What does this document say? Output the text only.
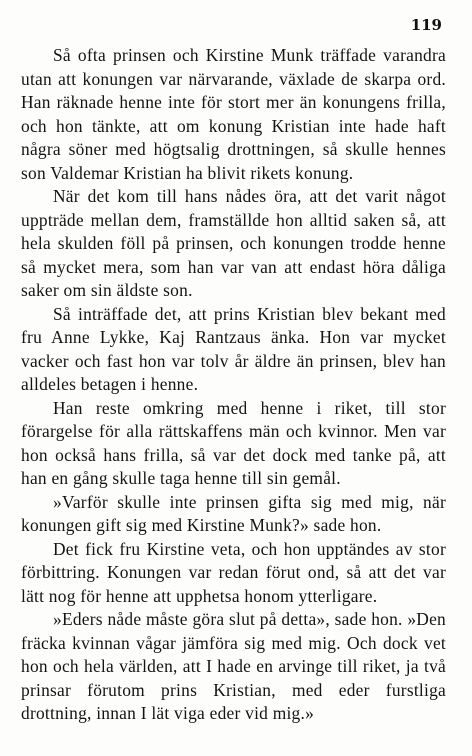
119

Så ofta prinsen och Kirstine Munk träffade varandra utan att konungen var närvarande, växlade de skarpa ord. Han räknade henne inte för stort mer än konungens frilla, och hon tänkte, att om konung Kristian inte hade haft några söner med högtsalig drottningen, så skulle hennes son Valdemar Kristian ha blivit rikets konung.

När det kom till hans nådes öra, att det varit något uppträde mellan dem, framställde hon alltid saken så, att hela skulden föll på prinsen, och konungen trodde henne så mycket mera, som han var van att endast höra dåliga saker om sin äldste son.

Så inträffade det, att prins Kristian blev bekant med fru Anne Lykke, Kaj Rantzaus änka. Hon var mycket vacker och fast hon var tolv år äldre än prinsen, blev han alldeles betagen i henne.

Han reste omkring med henne i riket, till stor förargelse för alla rättskaffens män och kvinnor. Men var hon också hans frilla, så var det dock med tanke på, att han en gång skulle taga henne till sin gemål.

»Varför skulle inte prinsen gifta sig med mig, när konungen gift sig med Kirstine Munk?» sade hon.

Det fick fru Kirstine veta, och hon upptändes av stor förbittring. Konungen var redan förut ond, så att det var lätt nog för henne att upphetsa honom ytterligare.

»Eders nåde måste göra slut på detta», sade hon. »Den fräcka kvinnan vågar jämföra sig med mig. Och dock vet hon och hela världen, att I hade en arvinge till riket, ja två prinsar förutom prins Kristian, med eder furstliga drottning, innan I lät viga eder vid mig.»
